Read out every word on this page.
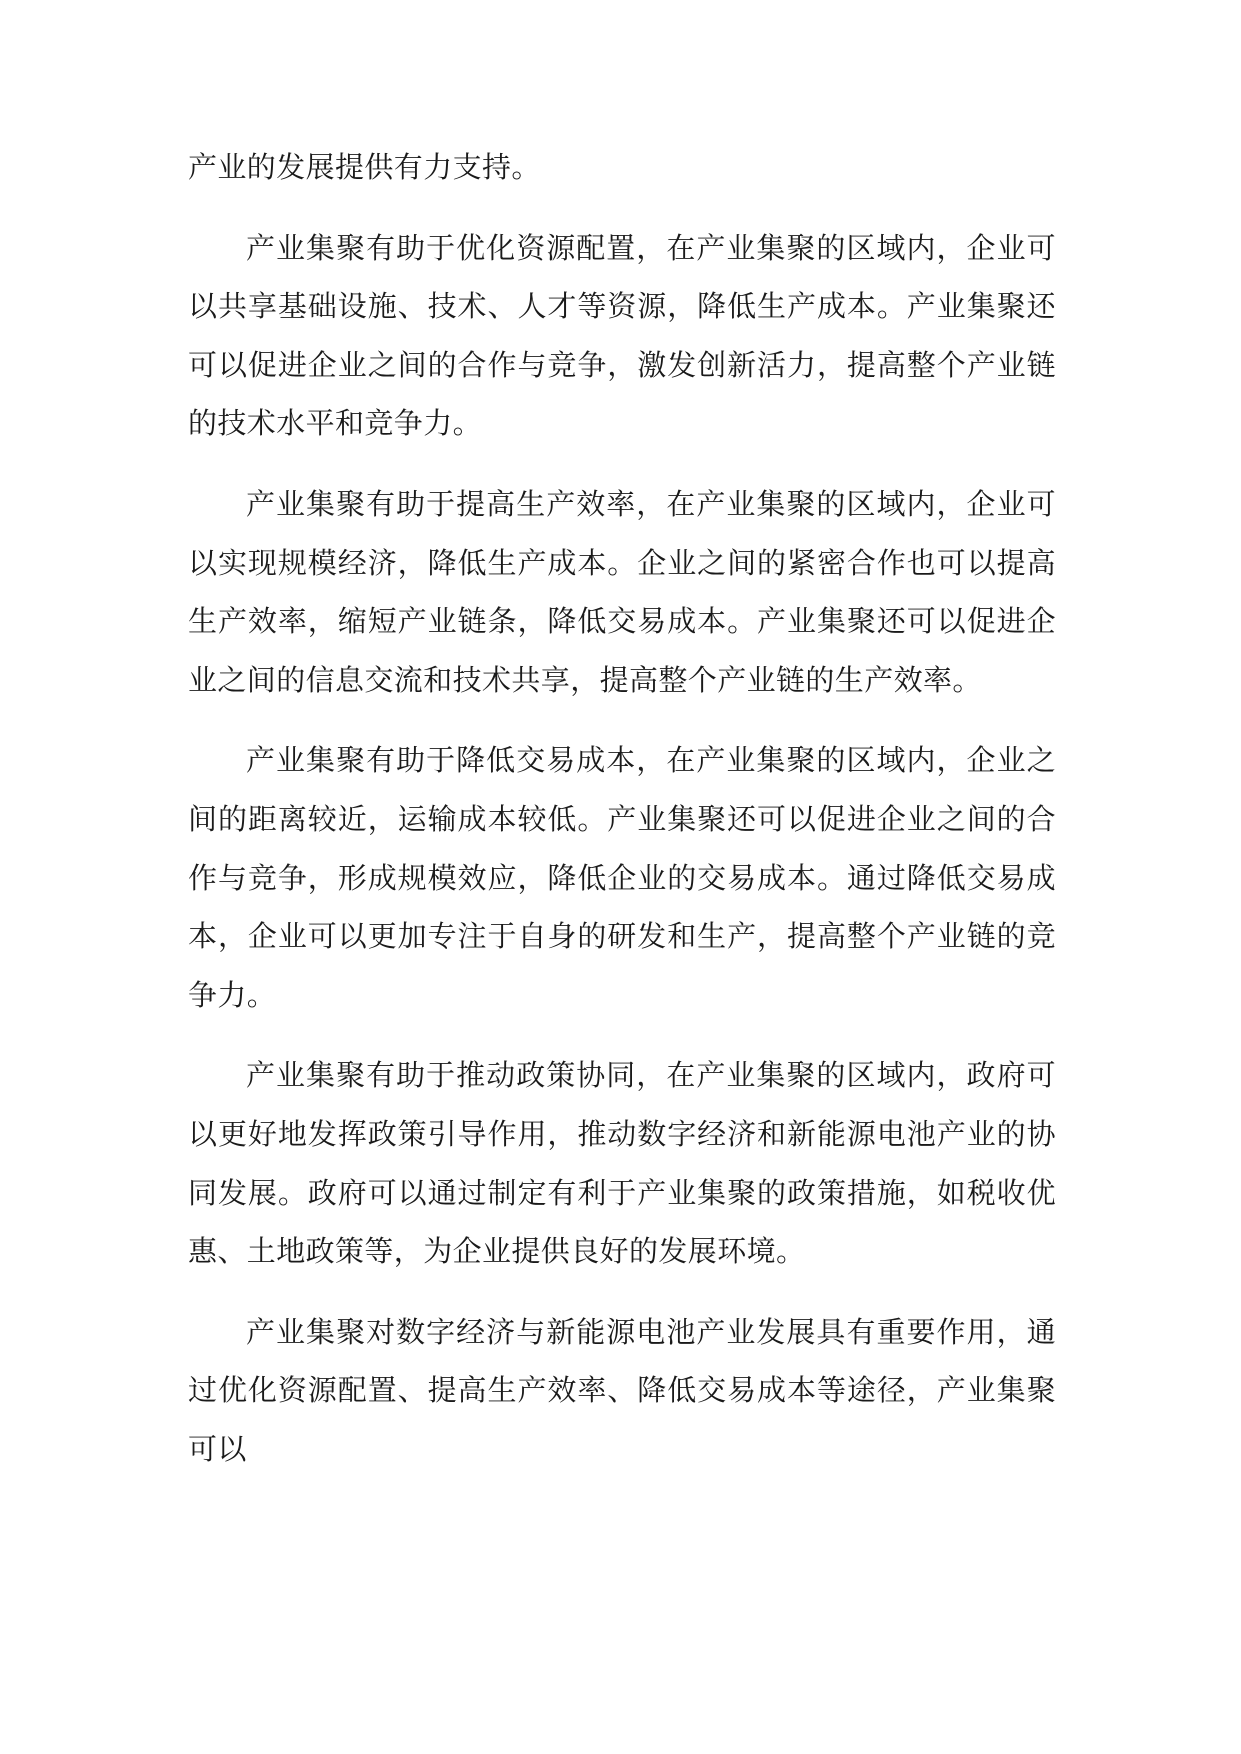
产业的发展提供有力支持。

产业集聚有助于优化资源配置，在产业集聚的区域内，企业可以共享基础设施、技术、人才等资源，降低生产成本。产业集聚还可以促进企业之间的合作与竞争，激发创新活力，提高整个产业链的技术水平和竞争力。

产业集聚有助于提高生产效率，在产业集聚的区域内，企业可以实现规模经济，降低生产成本。企业之间的紧密合作也可以提高生产效率，缩短产业链条，降低交易成本。产业集聚还可以促进企业之间的信息交流和技术共享，提高整个产业链的生产效率。

产业集聚有助于降低交易成本，在产业集聚的区域内，企业之间的距离较近，运输成本较低。产业集聚还可以促进企业之间的合作与竞争，形成规模效应，降低企业的交易成本。通过降低交易成本，企业可以更加专注于自身的研发和生产，提高整个产业链的竞争力。

产业集聚有助于推动政策协同，在产业集聚的区域内，政府可以更好地发挥政策引导作用，推动数字经济和新能源电池产业的协同发展。政府可以通过制定有利于产业集聚的政策措施，如税收优惠、土地政策等，为企业提供良好的发展环境。

产业集聚对数字经济与新能源电池产业发展具有重要作用，通过优化资源配置、提高生产效率、降低交易成本等途径，产业集聚可以
